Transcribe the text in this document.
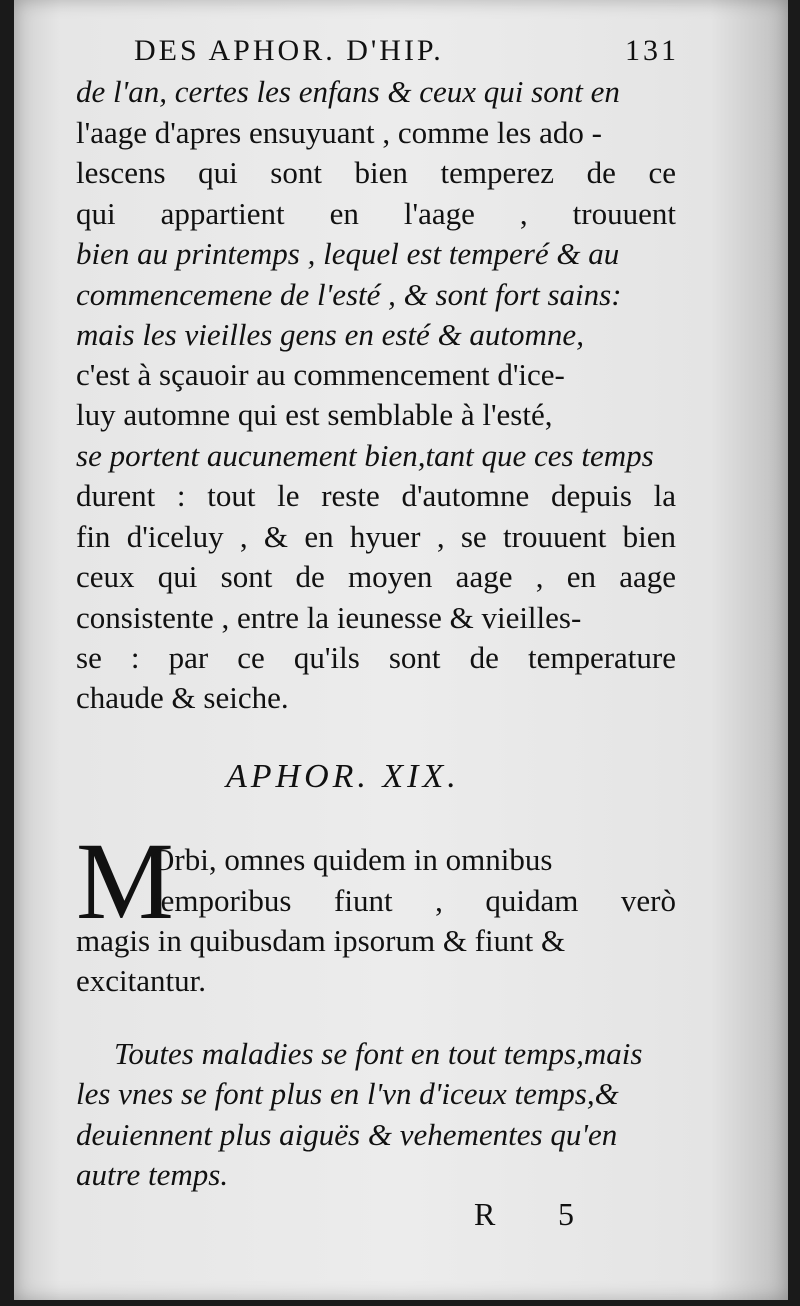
DES APHOR. D'HIP.	131
de l'an, certes les enfans & ceux qui sont en
l'aage d'apres ensuyuant , comme les ado -
lescens qui sont bien temperez de ce
qui appartient en l'aage , trouuent
bien au printemps , lequel est temperé & au
commencemene de l'esté , & sont fort sains:
mais les vieilles gens en esté & automne,
c'est à sçauoir au commencement d'ice-
luy automne qui est semblable à l'esté,
se portent aucunement bien,tant que ces temps
durent : tout le reste d'automne depuis la
fin d'iceluy , & en hyuer , se trouuent bien
ceux qui sont de moyen aage , en aage
consistente , entre la ieunesse & vieilles-
se : par ce qu'ils sont de temperature
chaude & seiche.
APHOR. XIX.
M
Orbi, omnes quidem in omnibus
temporibus fiunt , quidam verò
magis in quibusdam ipsorum & fiunt &
excitantur.
Toutes maladies se font en tout temps,mais
les vnes se font plus en l'vn d'iceux temps,&
deuiennent plus aiguës & vehementes qu'en
autre temps.
R 5
